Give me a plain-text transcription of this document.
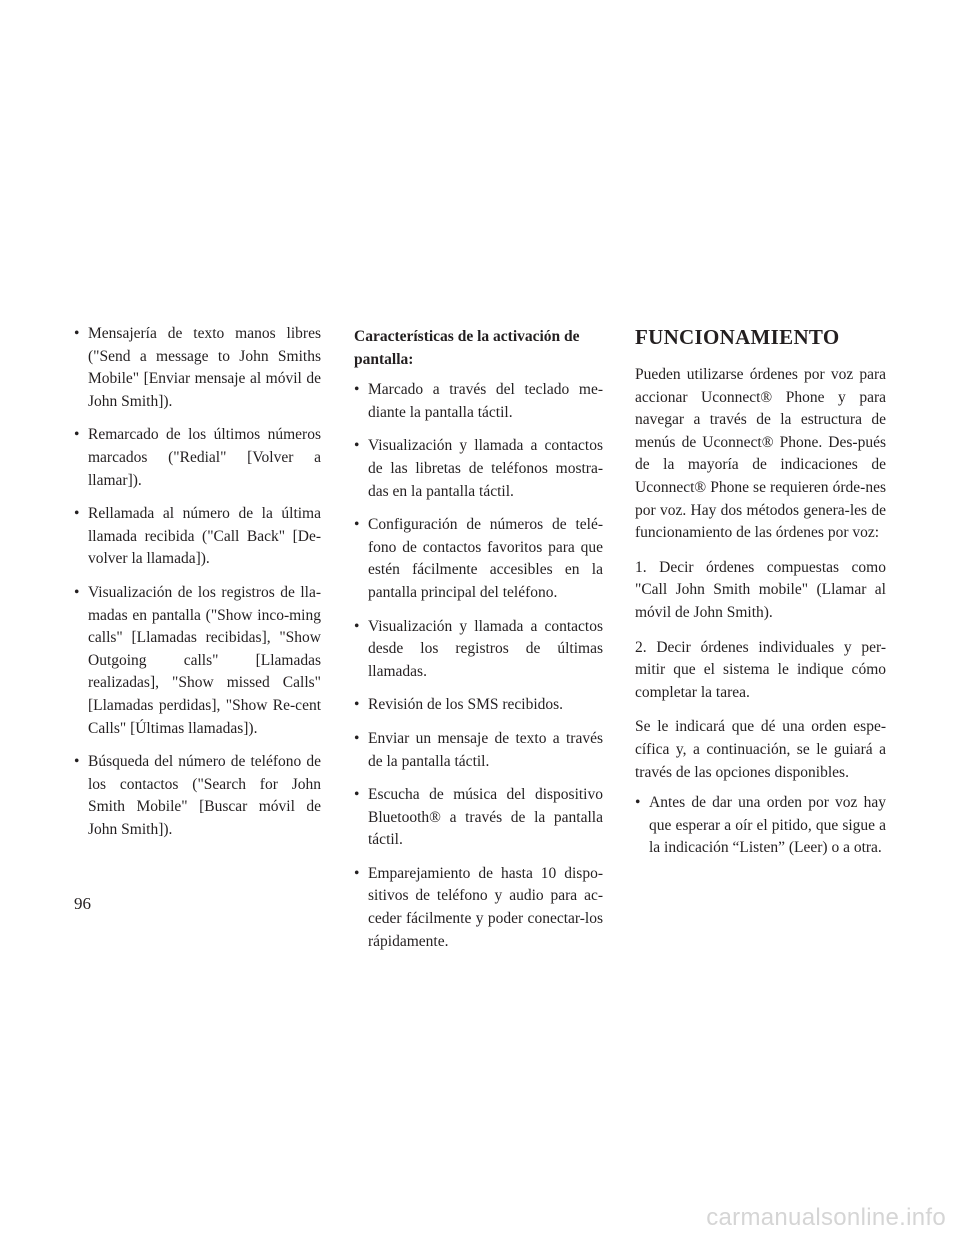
• Mensajería de texto manos libres ("Send a message to John Smiths Mobile" [Enviar mensaje al móvil de John Smith]).
• Remarcado de los últimos números marcados ("Redial" [Volver a llamar]).
• Rellamada al número de la última llamada recibida ("Call Back" [De-volver la llamada]).
• Visualización de los registros de lla-madas en pantalla ("Show inco-ming calls" [Llamadas recibidas], "Show Outgoing calls" [Llamadas realizadas], "Show missed Calls" [Llamadas perdidas], "Show Re-cent Calls" [Últimas llamadas]).
• Búsqueda del número de teléfono de los contactos ("Search for John Smith Mobile" [Buscar móvil de John Smith]).
Características de la activación de pantalla:
• Marcado a través del teclado me-diante la pantalla táctil.
• Visualización y llamada a contactos de las libretas de teléfonos mostra-das en la pantalla táctil.
• Configuración de números de telé-fono de contactos favoritos para que estén fácilmente accesibles en la pantalla principal del teléfono.
• Visualización y llamada a contactos desde los registros de últimas llamadas.
• Revisión de los SMS recibidos.
• Enviar un mensaje de texto a través de la pantalla táctil.
• Escucha de música del dispositivo Bluetooth® a través de la pantalla táctil.
• Emparejamiento de hasta 10 dispo-sitivos de teléfono y audio para ac-ceder fácilmente y poder conectar-los rápidamente.
FUNCIONAMIENTO

Pueden utilizarse órdenes por voz para accionar Uconnect® Phone y para navegar a través de la estructura de menús de Uconnect® Phone. Des-pués de la mayoría de indicaciones de Uconnect® Phone se requieren órde-nes por voz. Hay dos métodos genera-les de funcionamiento de las órdenes por voz:

1. Decir órdenes compuestas como "Call John Smith mobile" (Llamar al móvil de John Smith).

2. Decir órdenes individuales y per-mitir que el sistema le indique cómo completar la tarea.

Se le indicará que dé una orden espe-cífica y, a continuación, se le guiará a través de las opciones disponibles.

• Antes de dar una orden por voz hay que esperar a oír el pitido, que sigue a la indicación “Listen” (Leer) o a otra.
96
carmanualsonline.info
